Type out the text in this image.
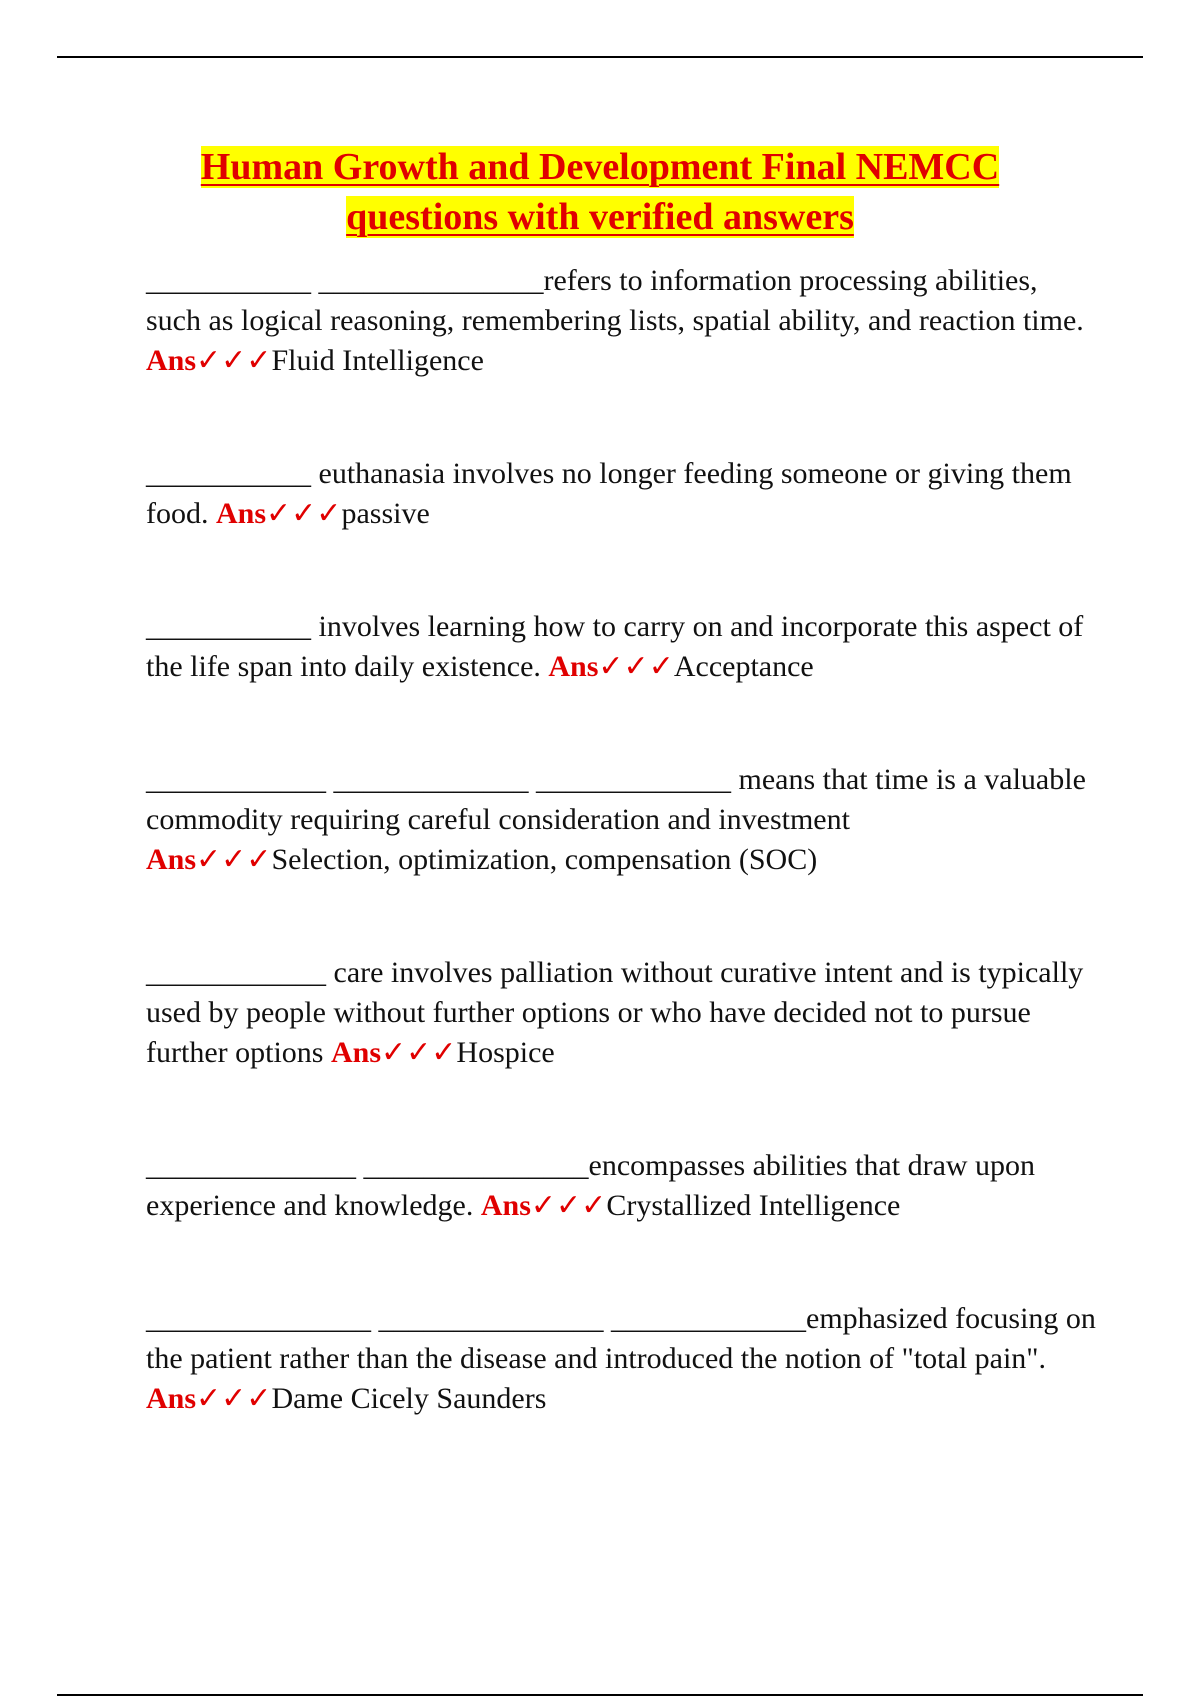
Human Growth and Development Final NEMCC
questions with verified answers

___________ _______________refers to information processing abilities, such as logical reasoning, remembering lists, spatial ability, and reaction time. Ans✓✓✓Fluid Intelligence

___________ euthanasia involves no longer feeding someone or giving them food. Ans✓✓✓passive

___________ involves learning how to carry on and incorporate this aspect of the life span into daily existence. Ans✓✓✓Acceptance

____________ _____________ _____________ means that time is a valuable commodity requiring careful consideration and investment Ans✓✓✓Selection, optimization, compensation (SOC)

____________ care involves palliation without curative intent and is typically used by people without further options or who have decided not to pursue further options Ans✓✓✓Hospice

______________ _______________encompasses abilities that draw upon experience and knowledge. Ans✓✓✓Crystallized Intelligence

_______________ _______________ _____________emphasized focusing on the patient rather than the disease and introduced the notion of "total pain". Ans✓✓✓Dame Cicely Saunders
